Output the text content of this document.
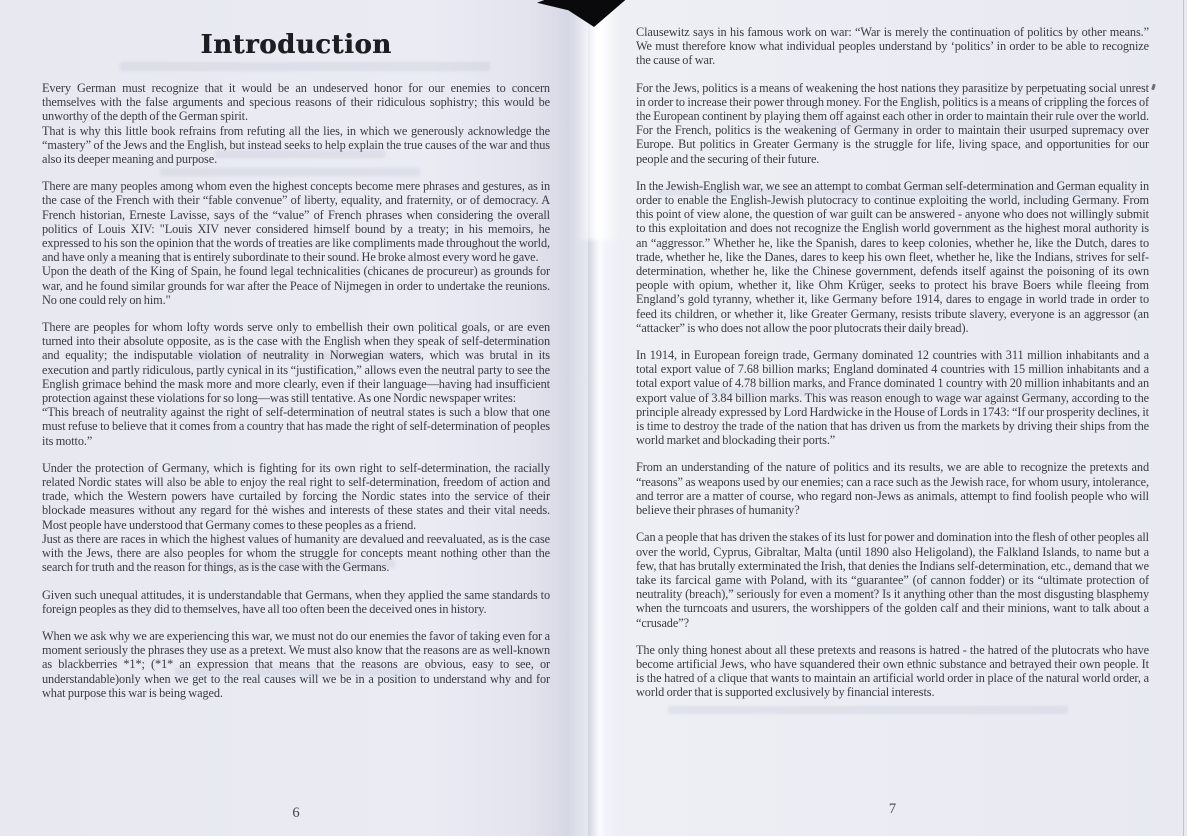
Introduction

Every German must recognize that it would be an undeserved honor for our enemies to concern themselves with the false arguments and specious reasons of their ridiculous sophistry; this would be unworthy of the depth of the German spirit.

That is why this little book refrains from refuting all the lies, in which we generously acknowledge the “mastery” of the Jews and the English, but instead seeks to help explain the true causes of the war and thus also its deeper meaning and purpose.

There are many peoples among whom even the highest concepts become mere phrases and gestures, as in the case of the French with their “fable convenue” of liberty, equality, and fraternity, or of democracy. A French historian, Erneste Lavisse, says of the “value” of French phrases when considering the overall politics of Louis XIV: "Louis XIV never considered himself bound by a treaty; in his memoirs, he expressed to his son the opinion that the words of treaties are like compliments made throughout the world, and have only a meaning that is entirely subordinate to their sound. He broke almost every word he gave.

Upon the death of the King of Spain, he found legal technicalities (chicanes de procureur) as grounds for war, and he found similar grounds for war after the Peace of Nijmegen in order to undertake the reunions. No one could rely on him."

There are peoples for whom lofty words serve only to embellish their own political goals, or are even turned into their absolute opposite, as is the case with the English when they speak of self-determination and equality; the indisputable violation of neutrality in Norwegian waters, which was brutal in its execution and partly ridiculous, partly cynical in its “justification,” allows even the neutral party to see the English grimace behind the mask more and more clearly, even if their language—having had insufficient protection against these violations for so long—was still tentative. As one Nordic newspaper writes:

“This breach of neutrality against the right of self-determination of neutral states is such a blow that one must refuse to believe that it comes from a country that has made the right of self-determination of peoples its motto.”

Under the protection of Germany, which is fighting for its own right to self-determination, the racially related Nordic states will also be able to enjoy the real right to self-determination, freedom of action and trade, which the Western powers have curtailed by forcing the Nordic states into the service of their blockade measures without any regard for thė wishes and interests of these states and their vital needs. Most people have understood that Germany comes to these peoples as a friend.

Just as there are races in which the highest values of humanity are devalued and reevaluated, as is the case with the Jews, there are also peoples for whom the struggle for concepts meant nothing other than the search for truth and the reason for things, as is the case with the Germans.

Given such unequal attitudes, it is understandable that Germans, when they applied the same standards to foreign peoples as they did to themselves, have all too often been the deceived ones in history.

When we ask why we are experiencing this war, we must not do our enemies the favor of taking even for a moment seriously the phrases they use as a pretext. We must also know that the reasons are as well-known as blackberries *1*; (*1* an expression that means that the reasons are obvious, easy to see, or understandable)only when we get to the real causes will we be in a position to understand why and for what purpose this war is being waged.

6

Clausewitz says in his famous work on war: “War is merely the continuation of politics by other means.” We must therefore know what individual peoples understand by ‘politics’ in order to be able to recognize the cause of war.

For the Jews, politics is a means of weakening the host nations they parasitize by perpetuating social unrest in order to increase their power through money. For the English, politics is a means of crippling the forces of the European continent by playing them off against each other in order to maintain their rule over the world. For the French, politics is the weakening of Germany in order to maintain their usurped supremacy over Europe. But politics in Greater Germany is the struggle for life, living space, and opportunities for our people and the securing of their future.

In the Jewish-English war, we see an attempt to combat German self-determination and German equality in order to enable the English-Jewish plutocracy to continue exploiting the world, including Germany. From this point of view alone, the question of war guilt can be answered - anyone who does not willingly submit to this exploitation and does not recognize the English world government as the highest moral authority is an “aggressor.” Whether he, like the Spanish, dares to keep colonies, whether he, like the Dutch, dares to trade, whether he, like the Danes, dares to keep his own fleet, whether he, like the Indians, strives for self-determination, whether he, like the Chinese government, defends itself against the poisoning of its own people with opium, whether it, like Ohm Krüger, seeks to protect his brave Boers while fleeing from England’s gold tyranny, whether it, like Germany before 1914, dares to engage in world trade in order to feed its children, or whether it, like Greater Germany, resists tribute slavery, everyone is an aggressor (an “attacker” is who does not allow the poor plutocrats their daily bread).

In 1914, in European foreign trade, Germany dominated 12 countries with 311 million inhabitants and a total export value of 7.68 billion marks; England dominated 4 countries with 15 million inhabitants and a total export value of 4.78 billion marks, and France dominated 1 country with 20 million inhabitants and an export value of 3.84 billion marks. This was reason enough to wage war against Germany, according to the principle already expressed by Lord Hardwicke in the House of Lords in 1743: “If our prosperity declines, it is time to destroy the trade of the nation that has driven us from the markets by driving their ships from the world market and blockading their ports.”

From an understanding of the nature of politics and its results, we are able to recognize the pretexts and “reasons” as weapons used by our enemies; can a race such as the Jewish race, for whom usury, intolerance, and terror are a matter of course, who regard non-Jews as animals, attempt to find foolish people who will believe their phrases of humanity?

Can a people that has driven the stakes of its lust for power and domination into the flesh of other peoples all over the world, Cyprus, Gibraltar, Malta (until 1890 also Heligoland), the Falkland Islands, to name but a few, that has brutally exterminated the Irish, that denies the Indians self-determination, etc., demand that we take its farcical game with Poland, with its “guarantee” (of cannon fodder) or its “ultimate protection of neutrality (breach),” seriously for even a moment? Is it anything other than the most disgusting blasphemy when the turncoats and usurers, the worshippers of the golden calf and their minions, want to talk about a “crusade”?

The only thing honest about all these pretexts and reasons is hatred - the hatred of the plutocrats who have become artificial Jews, who have squandered their own ethnic substance and betrayed their own people. It is the hatred of a clique that wants to maintain an artificial world order in place of the natural world order, a world order that is supported exclusively by financial interests.

7
